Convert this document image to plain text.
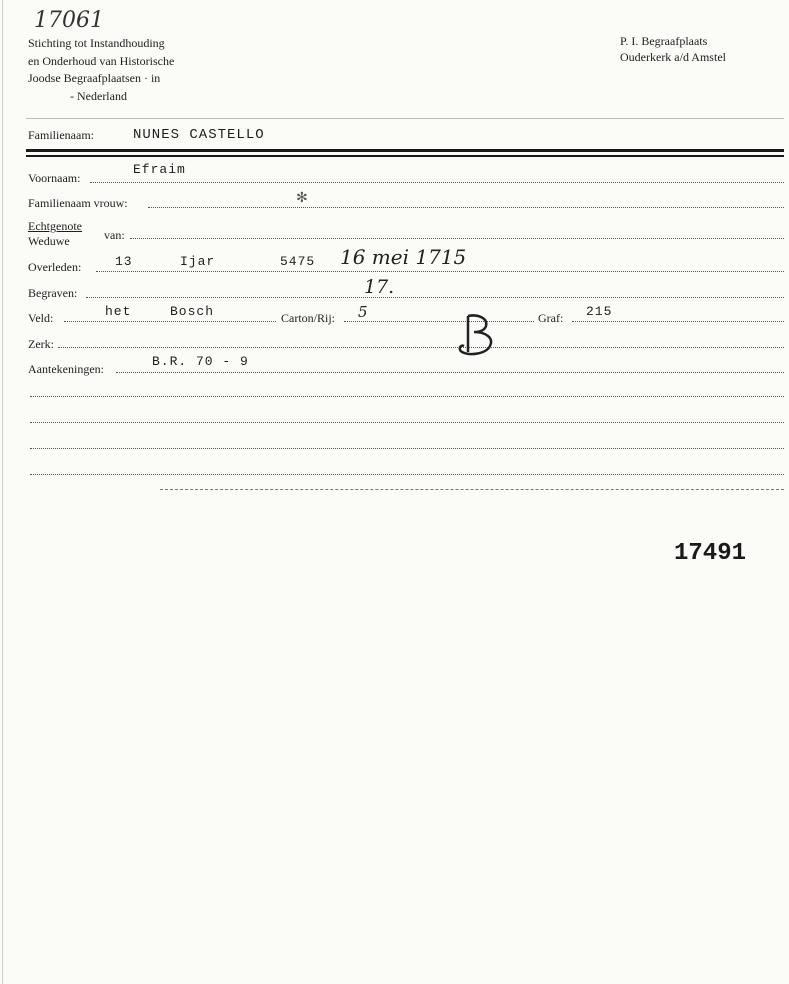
17061
Stichting tot Instandhouding
en Onderhoud van Historische
Joodse Begraafplaatsen · in
- Nederland
P. I. Begraafplaats
Ouderkerk a/d Amstel
Familienaam:	NUNES CASTELLO
Voornaam:
Efraim
Familienaam vrouw:	✻
Echtgenote
Weduwe	van:
Overleden:	13	Ijar	5475 16 mei 1715
Begraven:	17.
Veld:	het	Bosch	Carton/Rij: 5	Graf: 215
Zerk:
Aantekeningen:	B.R. 70 - 9
17491
